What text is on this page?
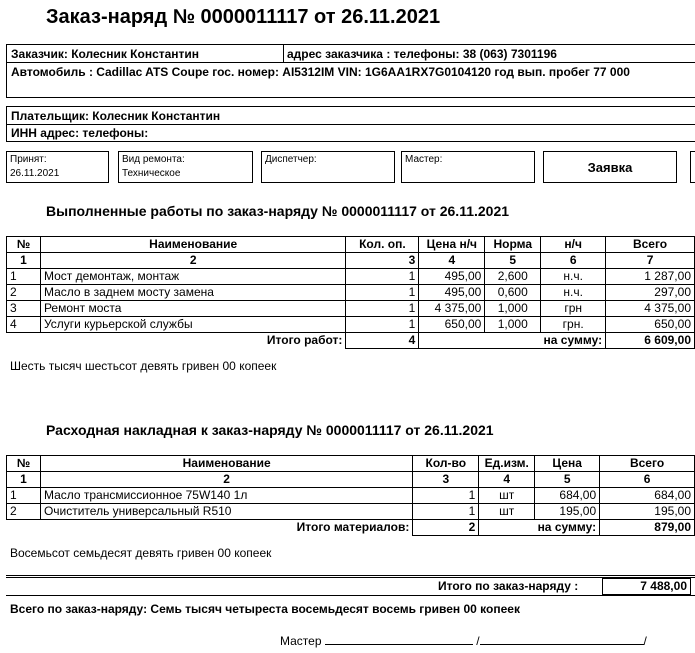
Заказ-наряд № 0000011117 от 26.11.2021
Заказчик: Колесник Константин	адрес заказчика : телефоны: 38 (063) 7301196
Автомобиль : Cadillac ATS Coupe гос. номер: AI5312IM VIN: 1G6AA1RX7G0104120 год вып. пробег 77 000
Плательщик: Колесник Константин
ИНН адрес: телефоны:
Принят:
26.11.2021
Вид ремонта:
Техническое
Диспетчер:	Мастер:	Заявка
Выполненные работы по заказ-наряду № 0000011117 от 26.11.2021
№	Наименование	Кол. оп.	Цена н/ч	Норма	н/ч	Всего
1	2	3	4	5	6	7
1	Мост демонтаж, монтаж	1	495,00	2,600	н.ч.	1 287,00
2	Масло в заднем мосту замена	1	495,00	0,600	н.ч.	297,00
3	Ремонт моста	1	4 375,00	1,000	грн	4 375,00
4	Услуги курьерской службы	1	650,00	1,000	грн.	650,00
	Итого работ:	4	на сумму:			6 609,00
Шесть тысяч шестьсот девять гривен 00 копеек
Расходная накладная к заказ-наряду № 0000011117 от 26.11.2021
№	Наименование	Кол-во	Ед.изм.	Цена	Всего
1	2	3	4	5	6
1	Масло трансмиссионное 75W140 1л	1	шт	684,00	684,00
2	Очиститель универсальный R510	1	шт	195,00	195,00
	Итого материалов:	2	на сумму:		879,00
Восемьсот семьдесят девять гривен 00 копеек
Итого по заказ-наряду :	7 488,00
Всего по заказ-наряду: Семь тысяч четыреста восемьдесят восемь гривен 00 копеек
Мастер	/	/
